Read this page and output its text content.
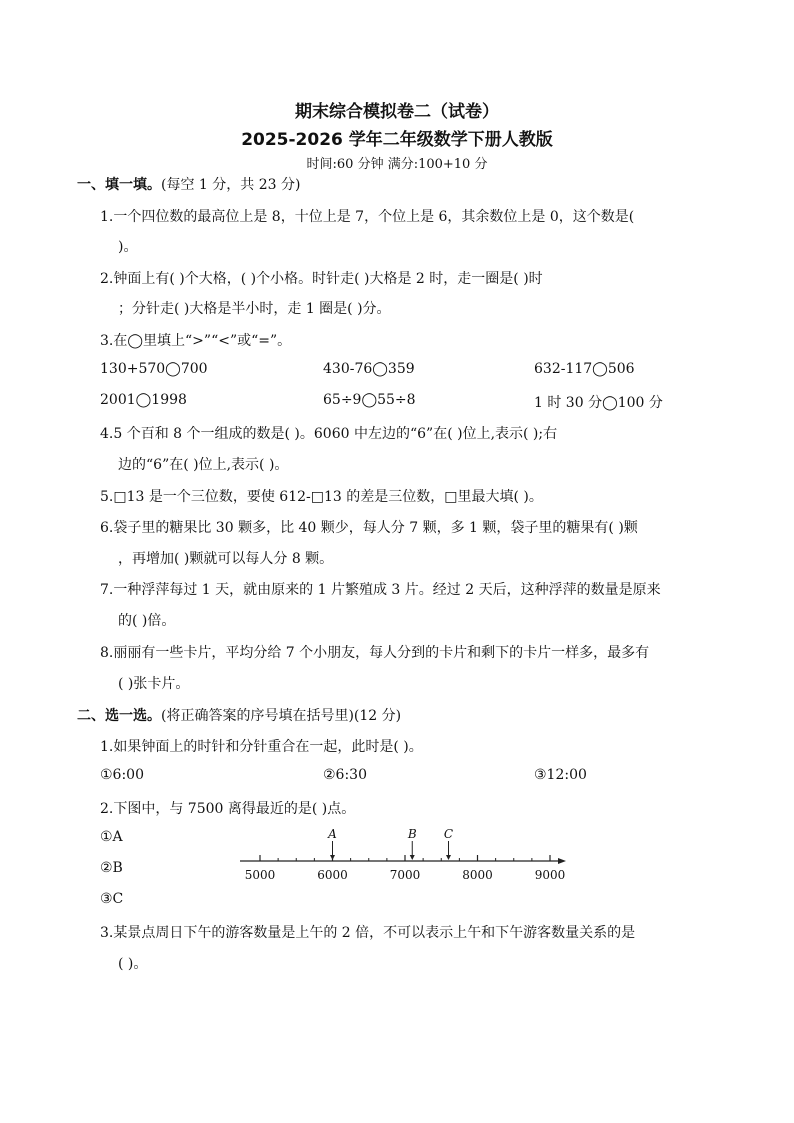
期末综合模拟卷二（试卷）
2025-2026 学年二年级数学下册人教版
时间:60 分钟 满分:100+10 分
一、填一填。(每空 1 分，共 23 分)
1.一个四位数的最高位上是 8，十位上是 7，个位上是 6，其余数位上是 0，这个数是(
)。
2.钟面上有( )个大格，( )个小格。时针走( )大格是 2 时，走一圈是( )时
；分针走( )大格是半小时，走 1 圈是( )分。
3.在◯里填上“>”“<”或“=”。
130+570◯700	430-76◯359	632-117◯506
2001◯1998	65÷9◯55÷8	1 时 30 分◯100 分
4.5 个百和 8 个一组成的数是( )。6060 中左边的“6”在( )位上,表示( );右
边的“6”在( )位上,表示( )。
5.□13 是一个三位数，要使 612-□13 的差是三位数，□里最大填( )。
6.袋子里的糖果比 30 颗多，比 40 颗少，每人分 7 颗，多 1 颗，袋子里的糖果有( )颗
，再增加( )颗就可以每人分 8 颗。
7.一种浮萍每过 1 天，就由原来的 1 片繁殖成 3 片。经过 2 天后，这种浮萍的数量是原来
的( )倍。
8.丽丽有一些卡片，平均分给 7 个小朋友，每人分到的卡片和剩下的卡片一样多，最多有
( )张卡片。
二、选一选。(将正确答案的序号填在括号里)(12 分)
1.如果钟面上的时针和分针重合在一起，此时是( )。
①6:00	②6:30	③12:00
2.下图中，与 7500 离得最近的是( )点。
①A
②B
③C
5000	6000	7000	8000	9000
A	B C
3.某景点周日下午的游客数量是上午的 2 倍，不可以表示上午和下午游客数量关系的是
( )。
